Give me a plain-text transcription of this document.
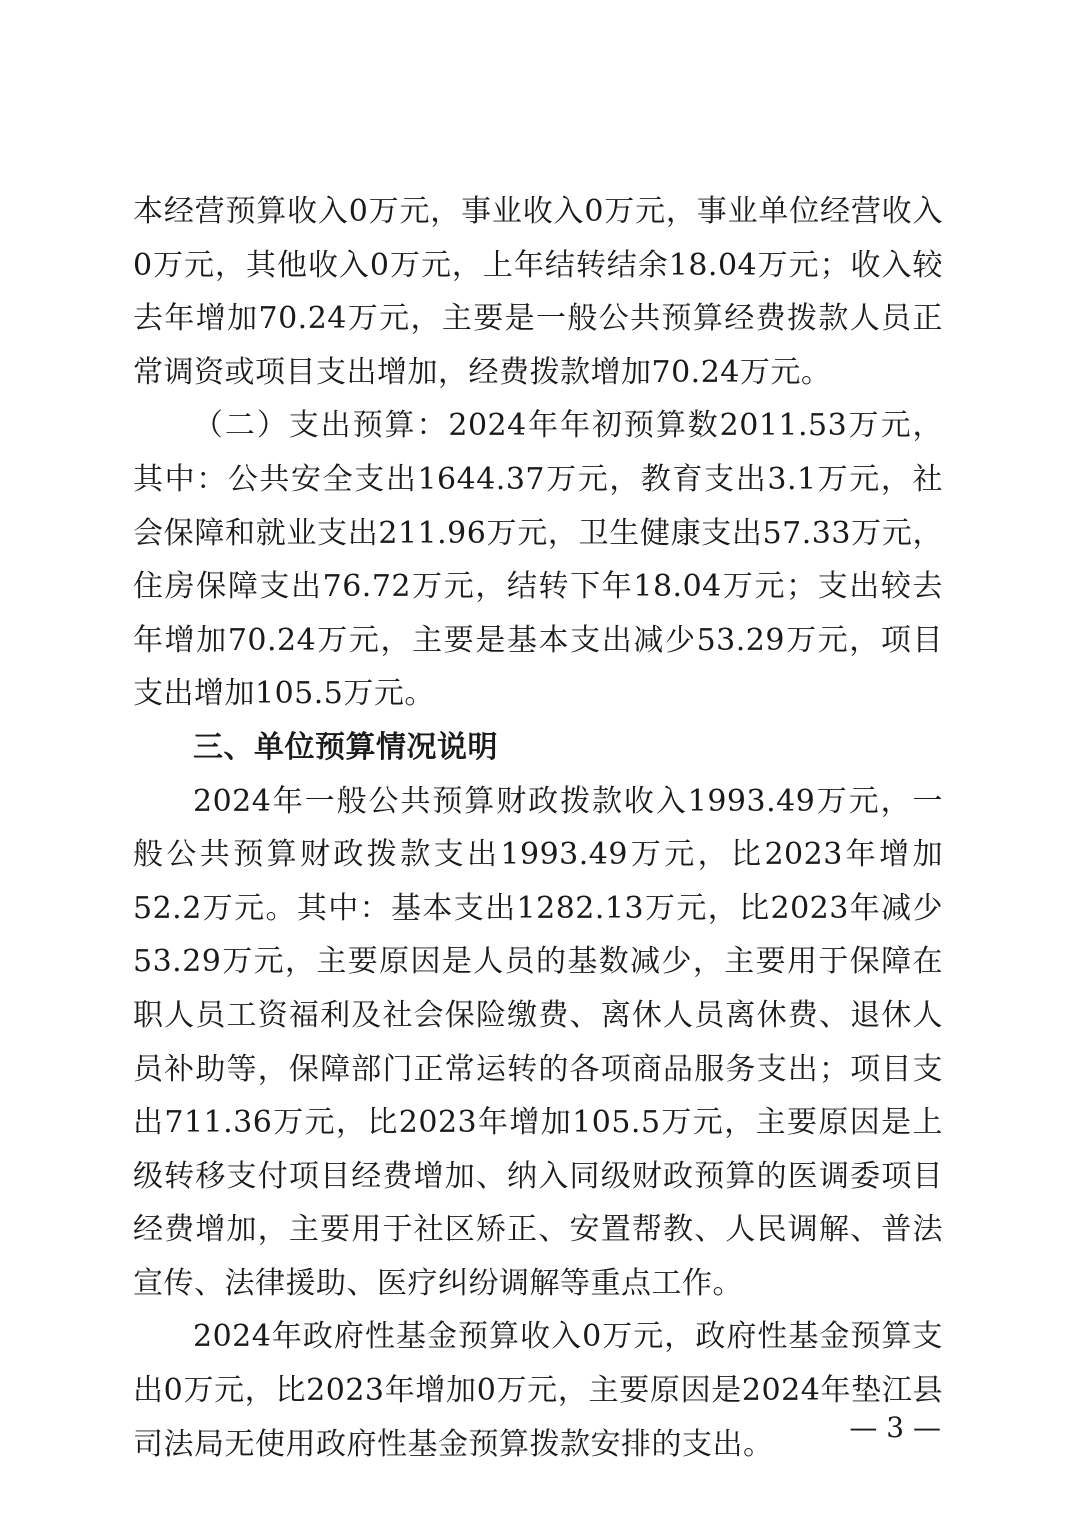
本经营预算收入0万元，事业收入0万元，事业单位经营收入0万元，其他收入0万元，上年结转结余18.04万元；收入较去年增加70.24万元，主要是一般公共预算经费拨款人员正常调资或项目支出增加，经费拨款增加70.24万元。

（二）支出预算：2024年年初预算数2011.53万元，其中：公共安全支出1644.37万元，教育支出3.1万元，社会保障和就业支出211.96万元，卫生健康支出57.33万元，住房保障支出76.72万元，结转下年18.04万元；支出较去年增加70.24万元，主要是基本支出减少53.29万元，项目支出增加105.5万元。

三、单位预算情况说明

2024年一般公共预算财政拨款收入1993.49万元，一般公共预算财政拨款支出1993.49万元，比2023年增加52.2万元。其中：基本支出1282.13万元，比2023年减少53.29万元，主要原因是人员的基数减少，主要用于保障在职人员工资福利及社会保险缴费、离休人员离休费、退休人员补助等，保障部门正常运转的各项商品服务支出；项目支出711.36万元，比2023年增加105.5万元，主要原因是上级转移支付项目经费增加、纳入同级财政预算的医调委项目经费增加，主要用于社区矫正、安置帮教、人民调解、普法宣传、法律援助、医疗纠纷调解等重点工作。

2024年政府性基金预算收入0万元，政府性基金预算支出0万元，比2023年增加0万元，主要原因是2024年垫江县司法局无使用政府性基金预算拨款安排的支出。	— 3 —
